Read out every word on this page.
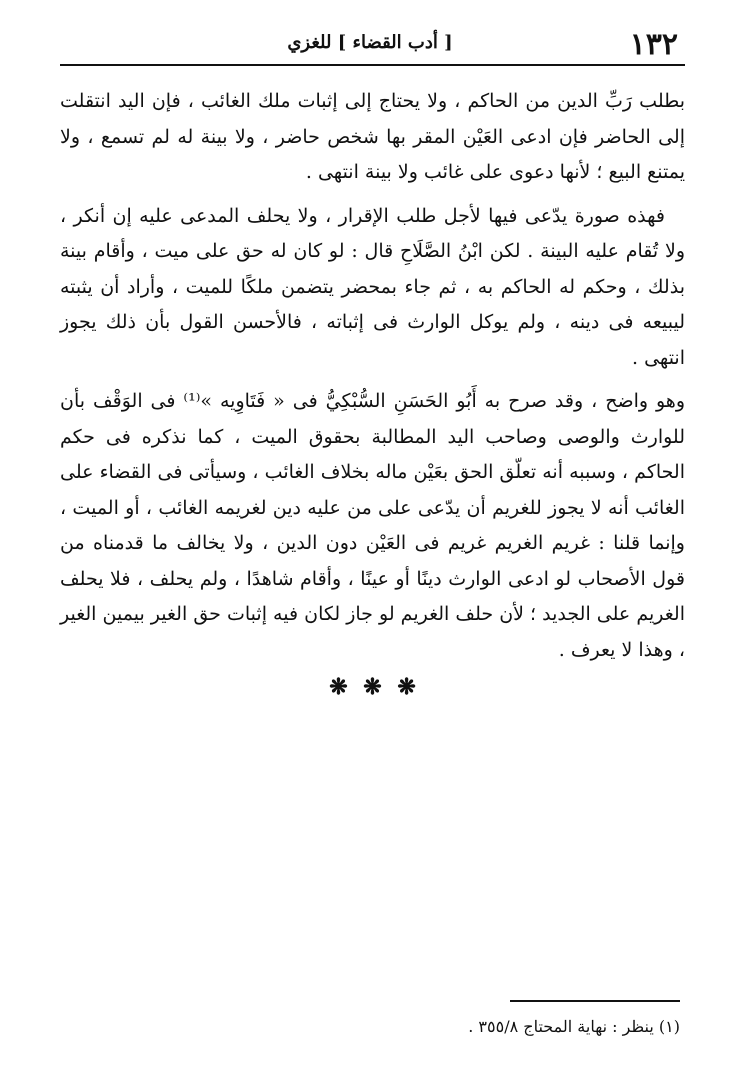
١٣٢
[ أدب القضاء ] للغزي

بطلب رَبِّ الدين من الحاكم ، ولا يحتاج إلى إثبات ملك الغائب ، فإن اليد انتقلت إلى الحاضر فإن ادعى العَيْن المقر بها شخص حاضر ، ولا بينة له لم تسمع ، ولا يمتنع البيع ؛ لأنها دعوى على غائب ولا بينة انتهى .

فهذه صورة يدّعى فيها لأجل طلب الإقرار ، ولا يحلف المدعى عليه إن أنكر ، ولا تُقام عليه البينة . لكن ابْنُ الصَّلَاحِ قال : لو كان له حق على ميت ، وأقام بينة بذلك ، وحكم له الحاكم به ، ثم جاء بمحضر يتضمن ملكًا للميت ، وأراد أن يثبته ليبيعه فى دينه ، ولم يوكل الوارث فى إثباته ، فالأحسن القول بأن ذلك يجوز انتهى .

وهو واضح ، وقد صرح به أَبُو الحَسَنِ السُّبْكِيُّ فى « فَتَاوِيه »⁽¹⁾ فى الوَقْف بأن للوارث والوصى وصاحب اليد المطالبة بحقوق الميت ، كما نذكره فى حكم الحاكم ، وسببه أنه تعلّق الحق بعَيْن ماله بخلاف الغائب ، وسيأتى فى القضاء على الغائب أنه لا يجوز للغريم أن يدّعى على من عليه دين لغريمه الغائب ، أو الميت ، وإنما قلنا : غريم الغريم غريم فى العَيْن دون الدين ، ولا يخالف ما قدمناه من قول الأصحاب لو ادعى الوارث دينًا أو عينًا ، وأقام شاهدًا ، ولم يحلف ، فلا يحلف الغريم على الجديد ؛ لأن حلف الغريم لو جاز لكان فيه إثبات حق الغير بيمين الغير ، وهذا لا يعرف .

❋ ❋ ❋
(١) ينظر : نهاية المحتاج ٣٥٥/٨ .
